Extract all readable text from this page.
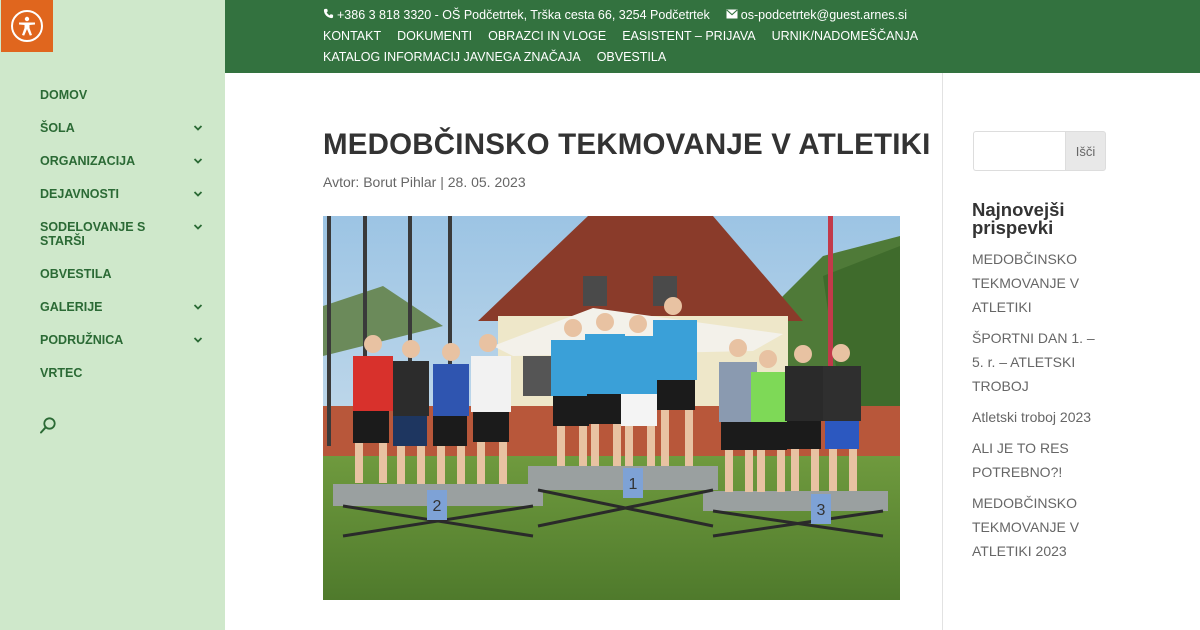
DOMOV
ŠOLA
ORGANIZACIJA
DEJAVNOSTI
SODELOVANJE S STARŠI
OBVESTILA
GALERIJE
PODRUŽNICA
VRTEC
+386 3 818 3320 - OŠ Podčetrtek, Trška cesta 66, 3254 Podčetrtek os-podcetrtek@guest.arnes.si
KONTAKT DOKUMENTI OBRAZCI IN VLOGE EASISTENT – PRIJAVA URNIK/NADOMEŠČANJA
KATALOG INFORMACIJ JAVNEGA ZNAČAJA OBVESTILA
MEDOBČINSKO TEKMOVANJE V ATLETIKI
Avtor: Borut Pihlar | 28. 05. 2023
2
1
3
Išči
Najnovejši prispevki
MEDOBČINSKO TEKMOVANJE V ATLETIKI
ŠPORTNI DAN 1. – 5. r. – ATLETSKI TROBOJ
Atletski troboj 2023
ALI JE TO RES POTREBNO?!
MEDOBČINSKO TEKMOVANJE V ATLETIKI 2023
